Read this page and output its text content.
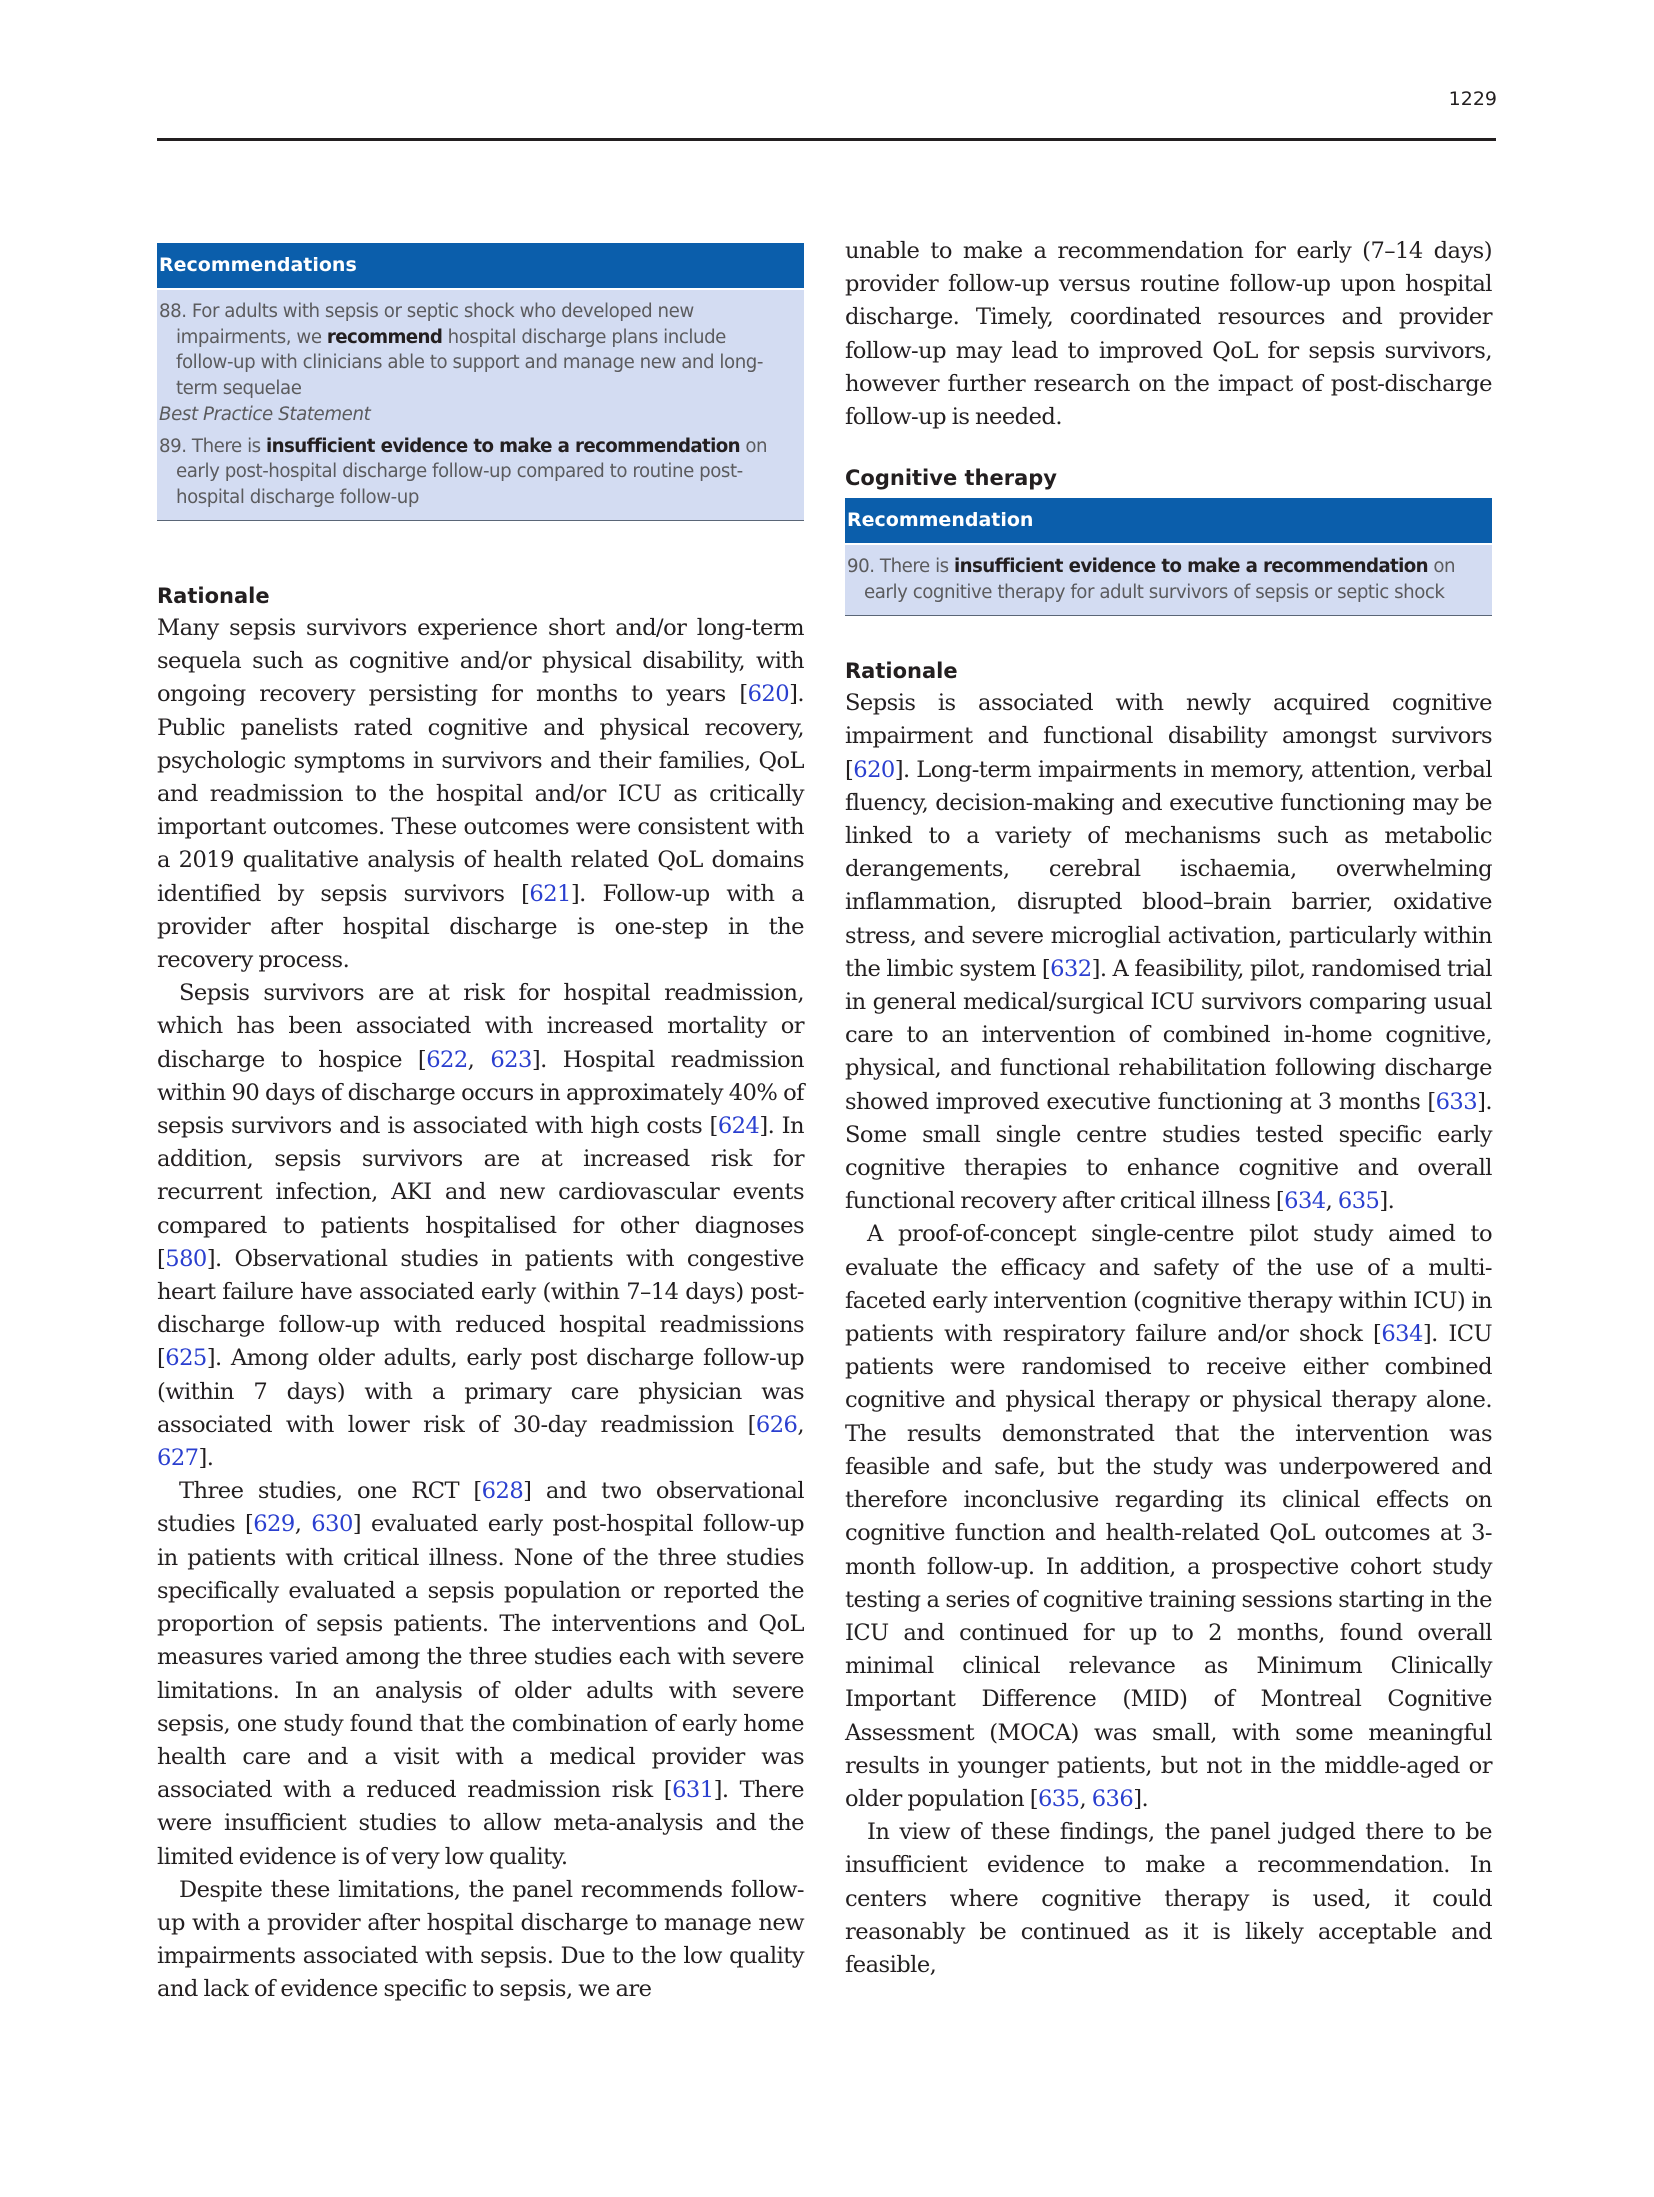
1229
Recommendations

88. For adults with sepsis or septic shock who developed new impairments, we recommend hospital discharge plans include follow-up with clinicians able to support and manage new and long-term sequelae

Best Practice Statement

89. There is insufficient evidence to make a recommendation on early post-hospital discharge follow-up compared to routine post-hospital discharge follow-up

Rationale

Many sepsis survivors experience short and/or long-term sequela such as cognitive and/or physical disability, with ongoing recovery persisting for months to years [620]. Public panelists rated cognitive and physical recovery, psychologic symptoms in survivors and their families, QoL and readmission to the hospital and/or ICU as critically important outcomes. These outcomes were consistent with a 2019 qualitative analysis of health related QoL domains identified by sepsis survivors [621]. Follow-up with a provider after hospital discharge is one-step in the recovery process.

Sepsis survivors are at risk for hospital readmission, which has been associated with increased mortality or discharge to hospice [622, 623]. Hospital readmission within 90 days of discharge occurs in approximately 40% of sepsis survivors and is associated with high costs [624]. In addition, sepsis survivors are at increased risk for recurrent infection, AKI and new cardiovascular events compared to patients hospitalised for other diagnoses [580]. Observational studies in patients with congestive heart failure have associated early (within 7–14 days) post-discharge follow-up with reduced hospital readmissions [625]. Among older adults, early post discharge follow-up (within 7 days) with a primary care physician was associated with lower risk of 30-day readmission [626, 627].

Three studies, one RCT [628] and two observational studies [629, 630] evaluated early post-hospital follow-up in patients with critical illness. None of the three studies specifically evaluated a sepsis population or reported the proportion of sepsis patients. The interventions and QoL measures varied among the three studies each with severe limitations. In an analysis of older adults with severe sepsis, one study found that the combination of early home health care and a visit with a medical provider was associated with a reduced readmission risk [631]. There were insufficient studies to allow meta-analysis and the limited evidence is of very low quality.

Despite these limitations, the panel recommends follow-up with a provider after hospital discharge to manage new impairments associated with sepsis. Due to the low quality and lack of evidence specific to sepsis, we are

unable to make a recommendation for early (7–14 days) provider follow-up versus routine follow-up upon hospital discharge. Timely, coordinated resources and provider follow-up may lead to improved QoL for sepsis survivors, however further research on the impact of post-discharge follow-up is needed.

Cognitive therapy
Recommendation

90. There is insufficient evidence to make a recommendation on early cognitive therapy for adult survivors of sepsis or septic shock

Rationale

Sepsis is associated with newly acquired cognitive impairment and functional disability amongst survivors [620]. Long-term impairments in memory, attention, verbal fluency, decision-making and executive functioning may be linked to a variety of mechanisms such as metabolic derangements, cerebral ischaemia, overwhelming inflammation, disrupted blood–brain barrier, oxidative stress, and severe microglial activation, particularly within the limbic system [632]. A feasibility, pilot, randomised trial in general medical/surgical ICU survivors comparing usual care to an intervention of combined in-home cognitive, physical, and functional rehabilitation following discharge showed improved executive functioning at 3 months [633]. Some small single centre studies tested specific early cognitive therapies to enhance cognitive and overall functional recovery after critical illness [634, 635].

A proof-of-concept single-centre pilot study aimed to evaluate the efficacy and safety of the use of a multi-faceted early intervention (cognitive therapy within ICU) in patients with respiratory failure and/or shock [634]. ICU patients were randomised to receive either combined cognitive and physical therapy or physical therapy alone. The results demonstrated that the intervention was feasible and safe, but the study was underpowered and therefore inconclusive regarding its clinical effects on cognitive function and health-related QoL outcomes at 3-month follow-up. In addition, a prospective cohort study testing a series of cognitive training sessions starting in the ICU and continued for up to 2 months, found overall minimal clinical relevance as Minimum Clinically Important Difference (MID) of Montreal Cognitive Assessment (MOCA) was small, with some meaningful results in younger patients, but not in the middle-aged or older population [635, 636].

In view of these findings, the panel judged there to be insufficient evidence to make a recommendation. In centers where cognitive therapy is used, it could reasonably be continued as it is likely acceptable and feasible,
